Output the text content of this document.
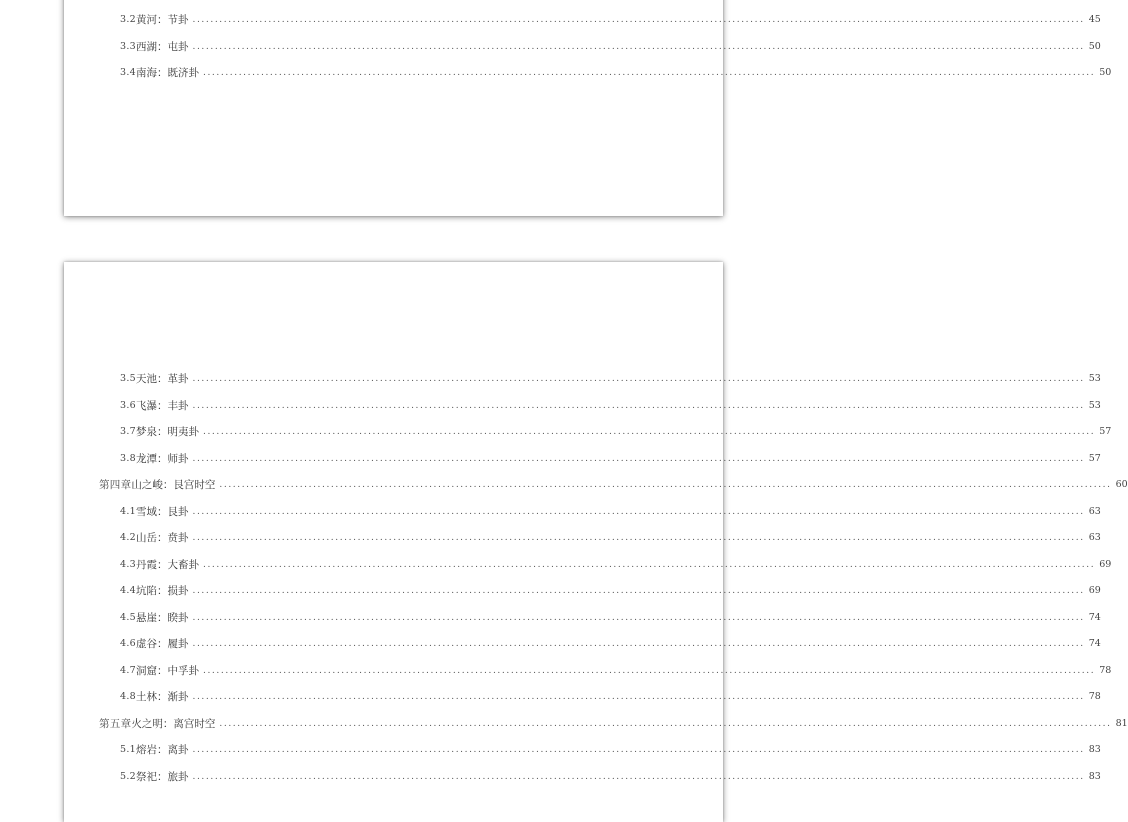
3.2 黄河：节卦 ........................................................................................................................................................................................................ 45
3.3 西湖：屯卦 ........................................................................................................................................................................................................ 50
3.4 南海：既济卦 ........................................................................................................................................................................................................ 50
3.5 天池：革卦 ........................................................................................................................................................................................................ 53
3.6 飞瀑：丰卦 ........................................................................................................................................................................................................ 53
3.7 梦泉：明夷卦 ........................................................................................................................................................................................................ 57
3.8 龙潭：师卦 ........................................................................................................................................................................................................ 57
第四章 山之峻：艮宫时空 ........................................................................................................................................................................................................ 60
4.1 雪域：艮卦 ........................................................................................................................................................................................................ 63
4.2 山岳：贲卦 ........................................................................................................................................................................................................ 63
4.3 丹霞：大畜卦 ........................................................................................................................................................................................................ 69
4.4 坑陷：损卦 ........................................................................................................................................................................................................ 69
4.5 悬崖：睽卦 ........................................................................................................................................................................................................ 74
4.6 虚谷：履卦 ........................................................................................................................................................................................................ 74
4.7 洞窟：中孚卦 ........................................................................................................................................................................................................ 78
4.8 土林：渐卦 ........................................................................................................................................................................................................ 78
第五章 火之明：离宫时空 ........................................................................................................................................................................................................ 81
5.1 熔岩：离卦 ........................................................................................................................................................................................................ 83
5.2 祭祀：旅卦 ........................................................................................................................................................................................................ 83
